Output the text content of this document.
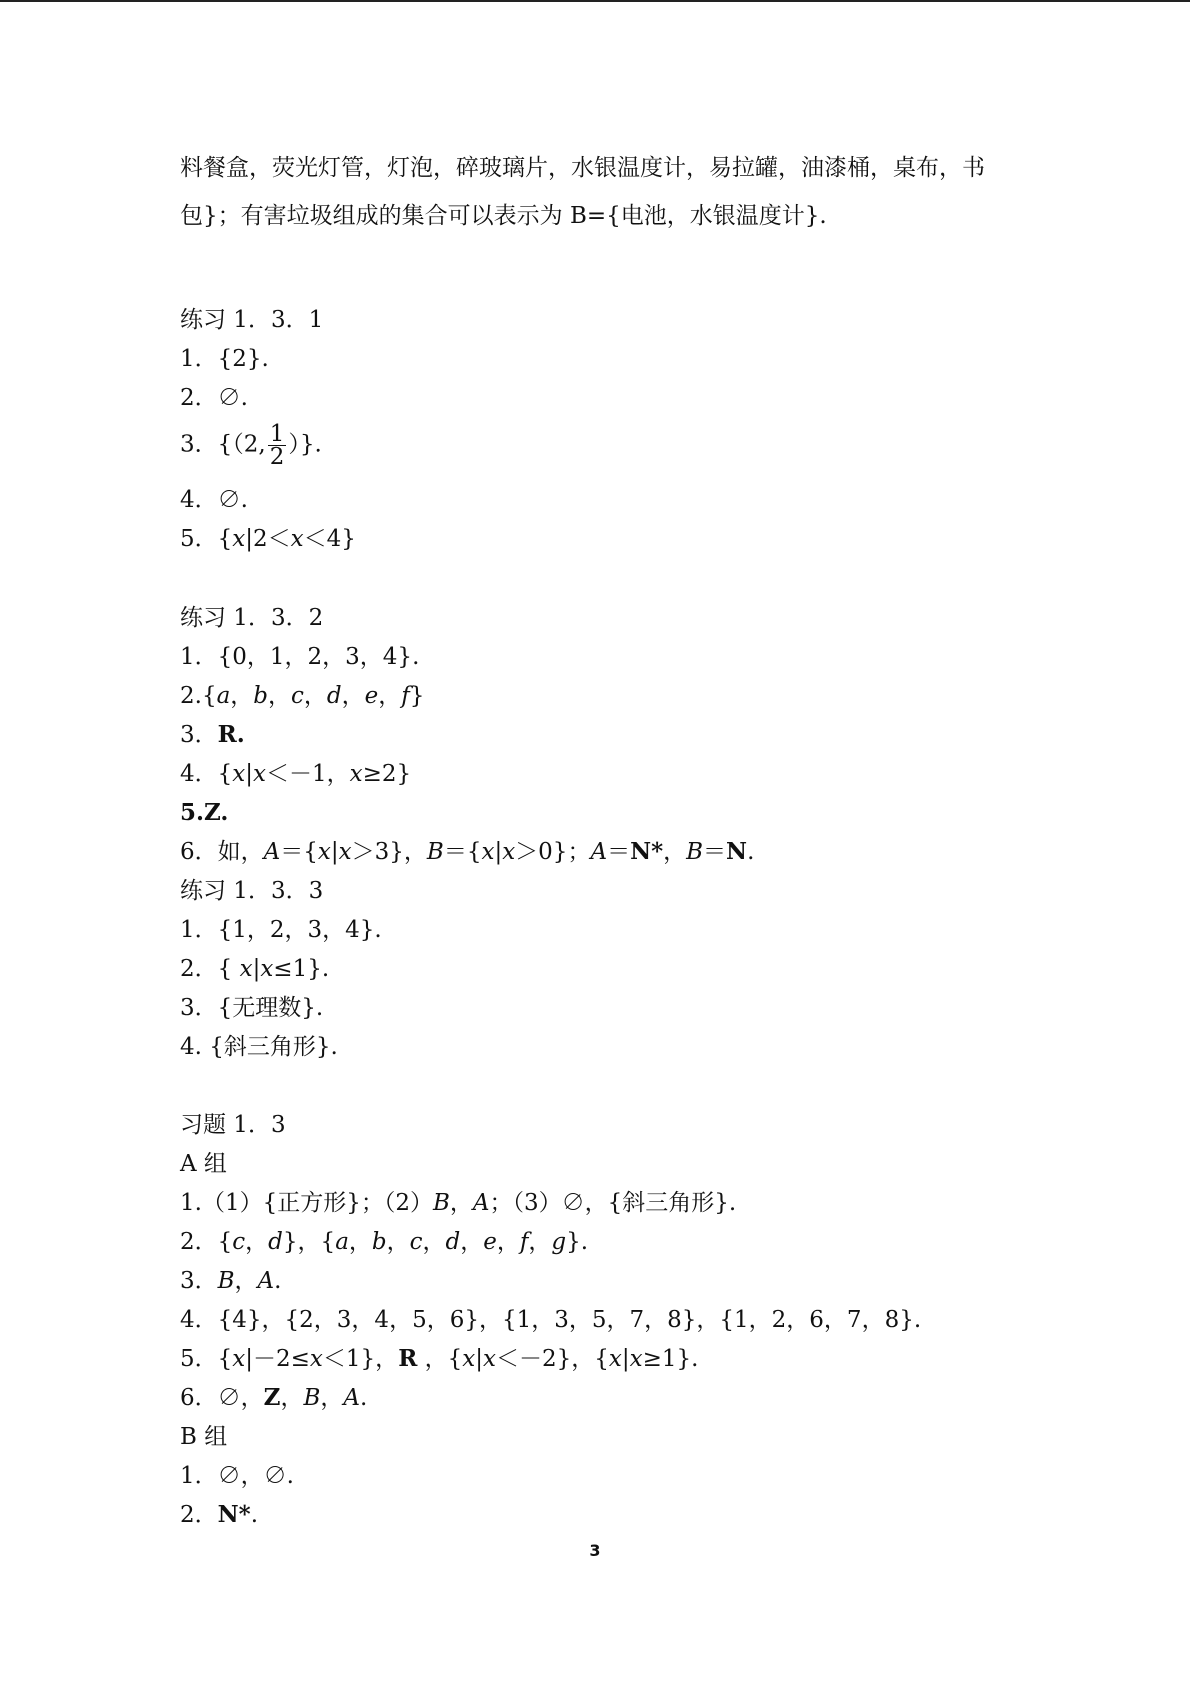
料餐盒，荧光灯管，灯泡，碎玻璃片，水银温度计，易拉罐，油漆桶，桌布，书
包}；有害垃圾组成的集合可以表示为 B={电池，水银温度计}.
练习 1．3．1
1．{2}.
2．∅.
3．{（2, $\frac{1}{2}$ ）}.
4．∅.
5．{x|2＜x＜4}
练习 1．3．2
1．{0，1，2，3，4}.
2.{a，b，c，d，e，f}
3．R.
4．{x|x＜－1，x≥2}
5.Z.
6．如，A＝{x|x＞3}，B＝{x|x＞0}；A＝N*，B＝N.
练习 1．3．3
1．{1，2，3，4}.
2．{ x|x≤1}.
3．{无理数}.
4. {斜三角形}.
习题 1．3
A 组
1.（1）{正方形}；（2）B，A；（3）∅，{斜三角形}.
2．{c，d}，{a，b，c，d，e，f，g}.
3．B，A.
4．{4}，{2，3，4，5，6}，{1，3，5，7，8}，{1，2，6，7，8}.
5．{x|－2≤x＜1}，R ，{x|x＜－2}，{x|x≥1}.
6．∅，Z，B，A.
B 组
1．∅，∅.
2．N*.
3
